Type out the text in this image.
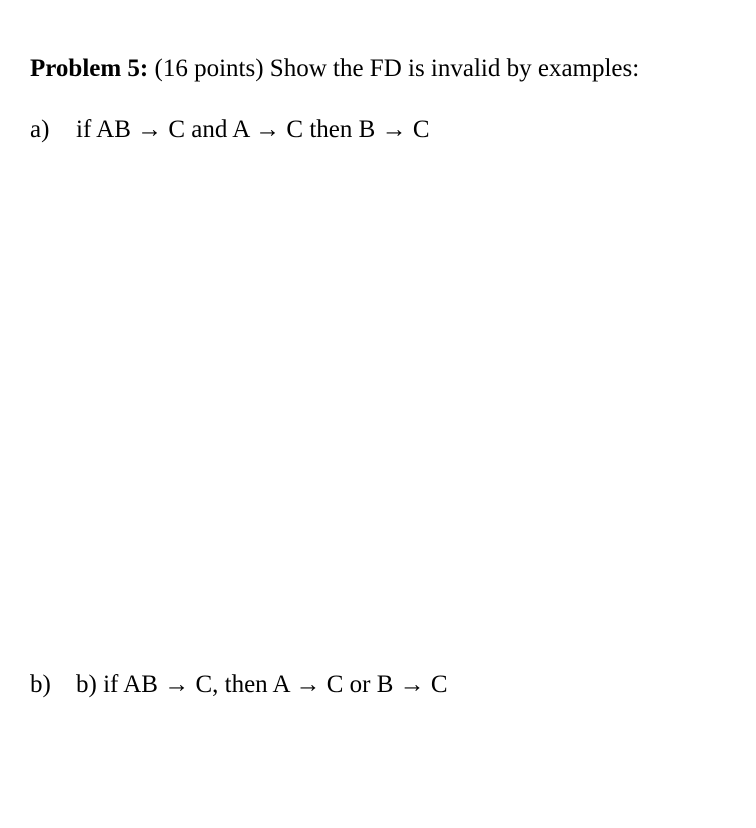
Problem 5: (16 points) Show the FD is invalid by examples:
a) if AB → C and A → C then B → C
b) b) if AB → C, then A → C or B → C
